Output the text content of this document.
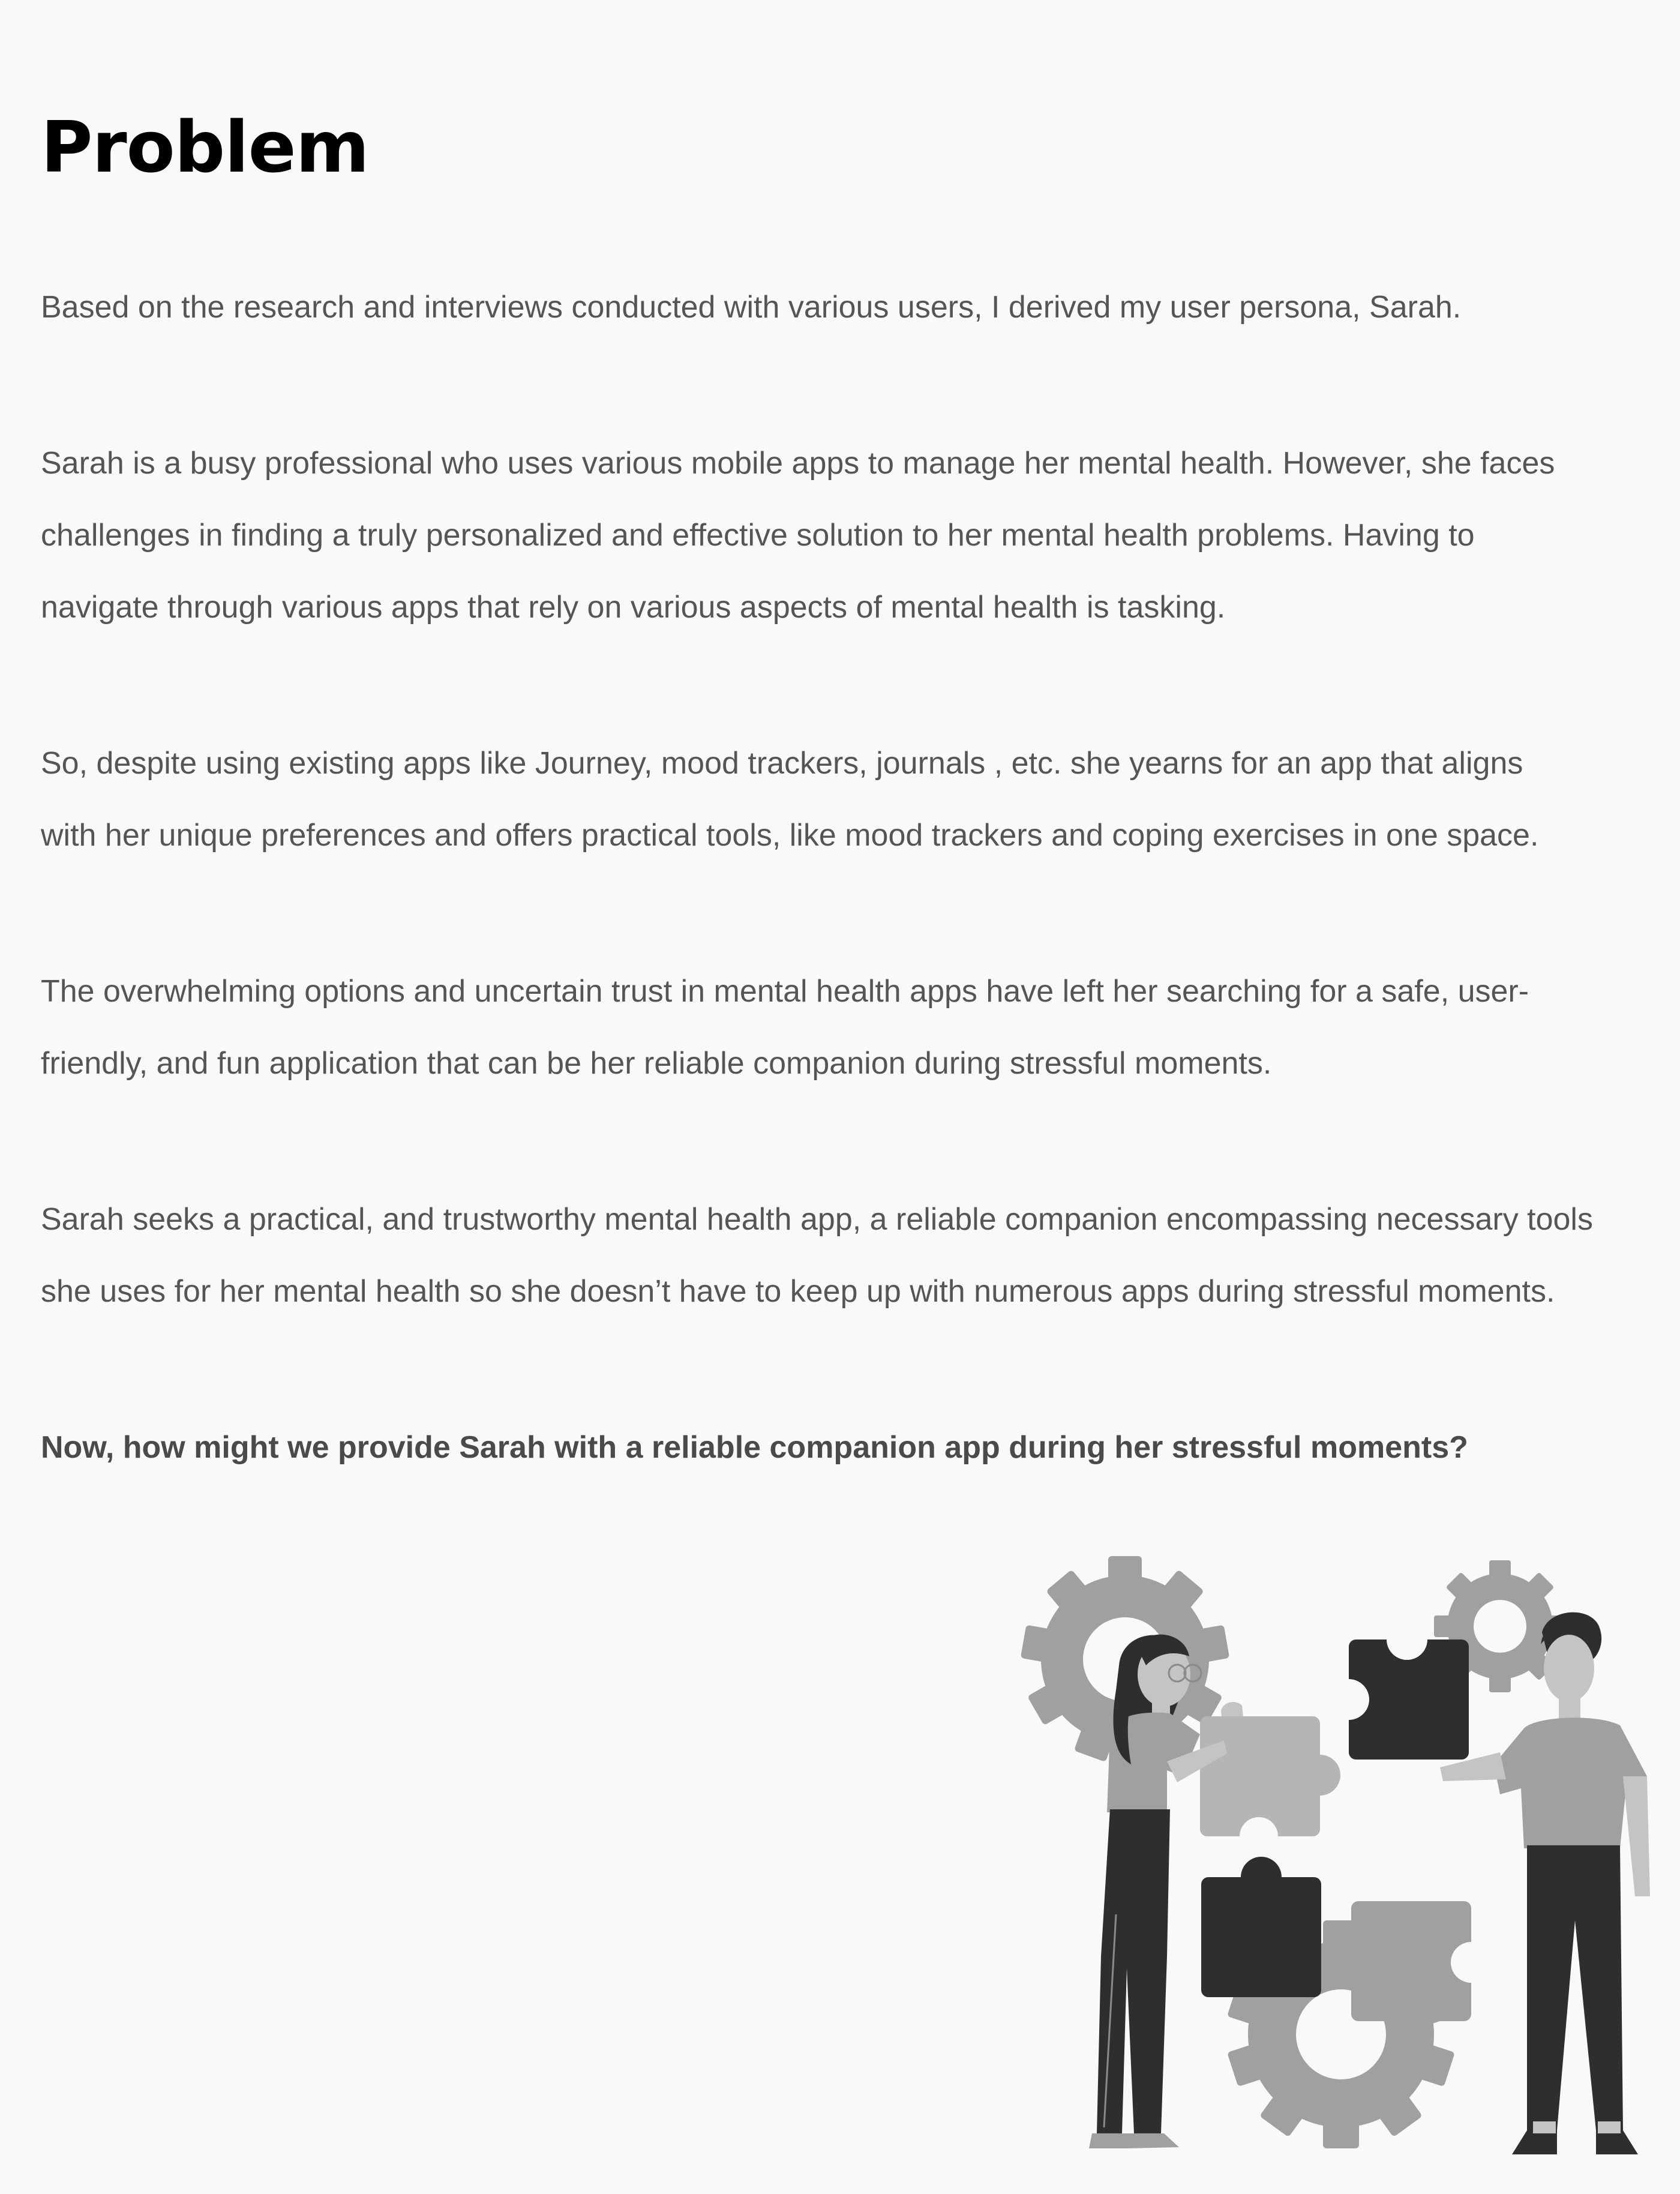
Problem

Based on the research and interviews conducted with various users, I derived my user persona, Sarah.

Sarah is a busy professional who uses various mobile apps to manage her mental health. However, she faces
challenges in finding a truly personalized and effective solution to her mental health problems. Having to
navigate through various apps that rely on various aspects of mental health is tasking.

So, despite using existing apps like Journey, mood trackers, journals , etc. she yearns for an app that aligns
with her unique preferences and offers practical tools, like mood trackers and coping exercises in one space.

The overwhelming options and uncertain trust in mental health apps have left her searching for a safe, user-
friendly, and fun application that can be her reliable companion during stressful moments.

Sarah seeks a practical, and trustworthy mental health app, a reliable companion encompassing necessary tools
she uses for her mental health so she doesn’t have to keep up with numerous apps during stressful moments.

Now, how might we provide Sarah with a reliable companion app during her stressful moments?
